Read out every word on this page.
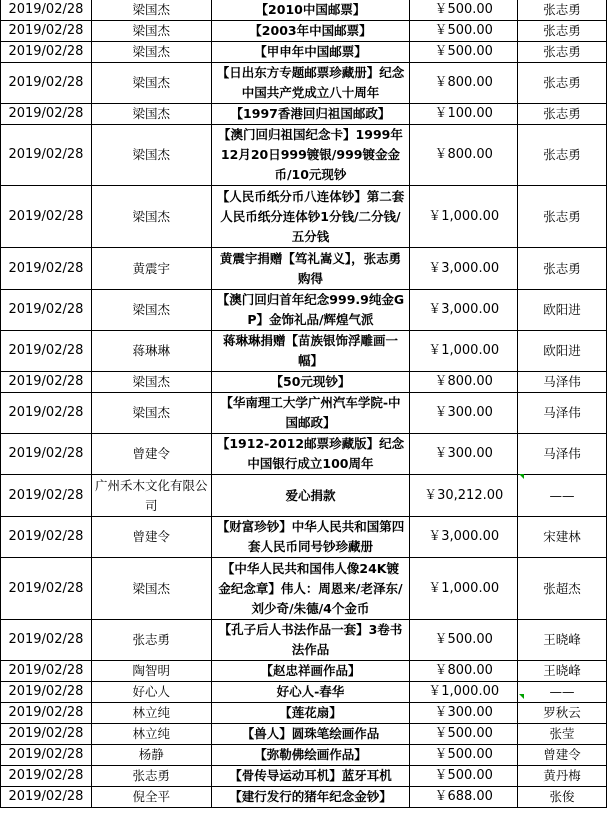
2019/02/28	梁国杰	【2010中国邮票】	￥500.00	张志勇
2019/02/28	梁国杰	【2003年中国邮票】	￥500.00	张志勇
2019/02/28	梁国杰	【甲申年中国邮票】	￥500.00	张志勇
2019/02/28	梁国杰	【日出东方专题邮票珍藏册】纪念中国共产党成立八十周年	￥800.00	张志勇
2019/02/28	梁国杰	【1997香港回归祖国邮政】	￥100.00	张志勇
2019/02/28	梁国杰	【澳门回归祖国纪念卡】1999年12月20日999镀银/999镀金金币/10元现钞	￥800.00	张志勇
2019/02/28	梁国杰	【人民币纸分币八连体钞】第二套人民币纸分连体钞1分钱/二分钱/五分钱	￥1,000.00	张志勇
2019/02/28	黄震宇	黄震宇捐赠【笃礼嵩义】，张志勇购得	￥3,000.00	张志勇
2019/02/28	梁国杰	【澳门回归首年纪念999.9纯金GP】金饰礼品/辉煌气派	￥3,000.00	欧阳进
2019/02/28	蒋琳琳	蒋琳琳捐赠【苗族银饰浮雕画一幅】	￥1,000.00	欧阳进
2019/02/28	梁国杰	【50元现钞】	￥800.00	马泽伟
2019/02/28	梁国杰	【华南理工大学广州汽车学院-中国邮政】	￥300.00	马泽伟
2019/02/28	曾建令	【1912-2012邮票珍藏版】纪念中国银行成立100周年	￥300.00	马泽伟
2019/02/28	广州禾木文化有限公司	爱心捐款	￥30,212.00	——
2019/02/28	曾建令	【财富珍钞】中华人民共和国第四套人民币同号钞珍藏册	￥3,000.00	宋建林
2019/02/28	梁国杰	【中华人民共和国伟人像24K镀金纪念章】伟人：周恩来/老泽东/刘少奇/朱德/4个金币	￥1,000.00	张超杰
2019/02/28	张志勇	【孔子后人书法作品一套】3卷书法作品	￥500.00	王晓峰
2019/02/28	陶智明	【赵忠祥画作品】	￥800.00	王晓峰
2019/02/28	好心人	好心人-春华	￥1,000.00	——
2019/02/28	林立纯	【莲花扇】	￥300.00	罗秋云
2019/02/28	林立纯	【兽人】圆珠笔绘画作品	￥500.00	张莹
2019/02/28	杨静	【弥勒佛绘画作品】	￥500.00	曾建令
2019/02/28	张志勇	【骨传导运动耳机】蓝牙耳机	￥500.00	黄丹梅
2019/02/28	倪全平	【建行发行的猪年纪念金钞】	￥688.00	张俊
